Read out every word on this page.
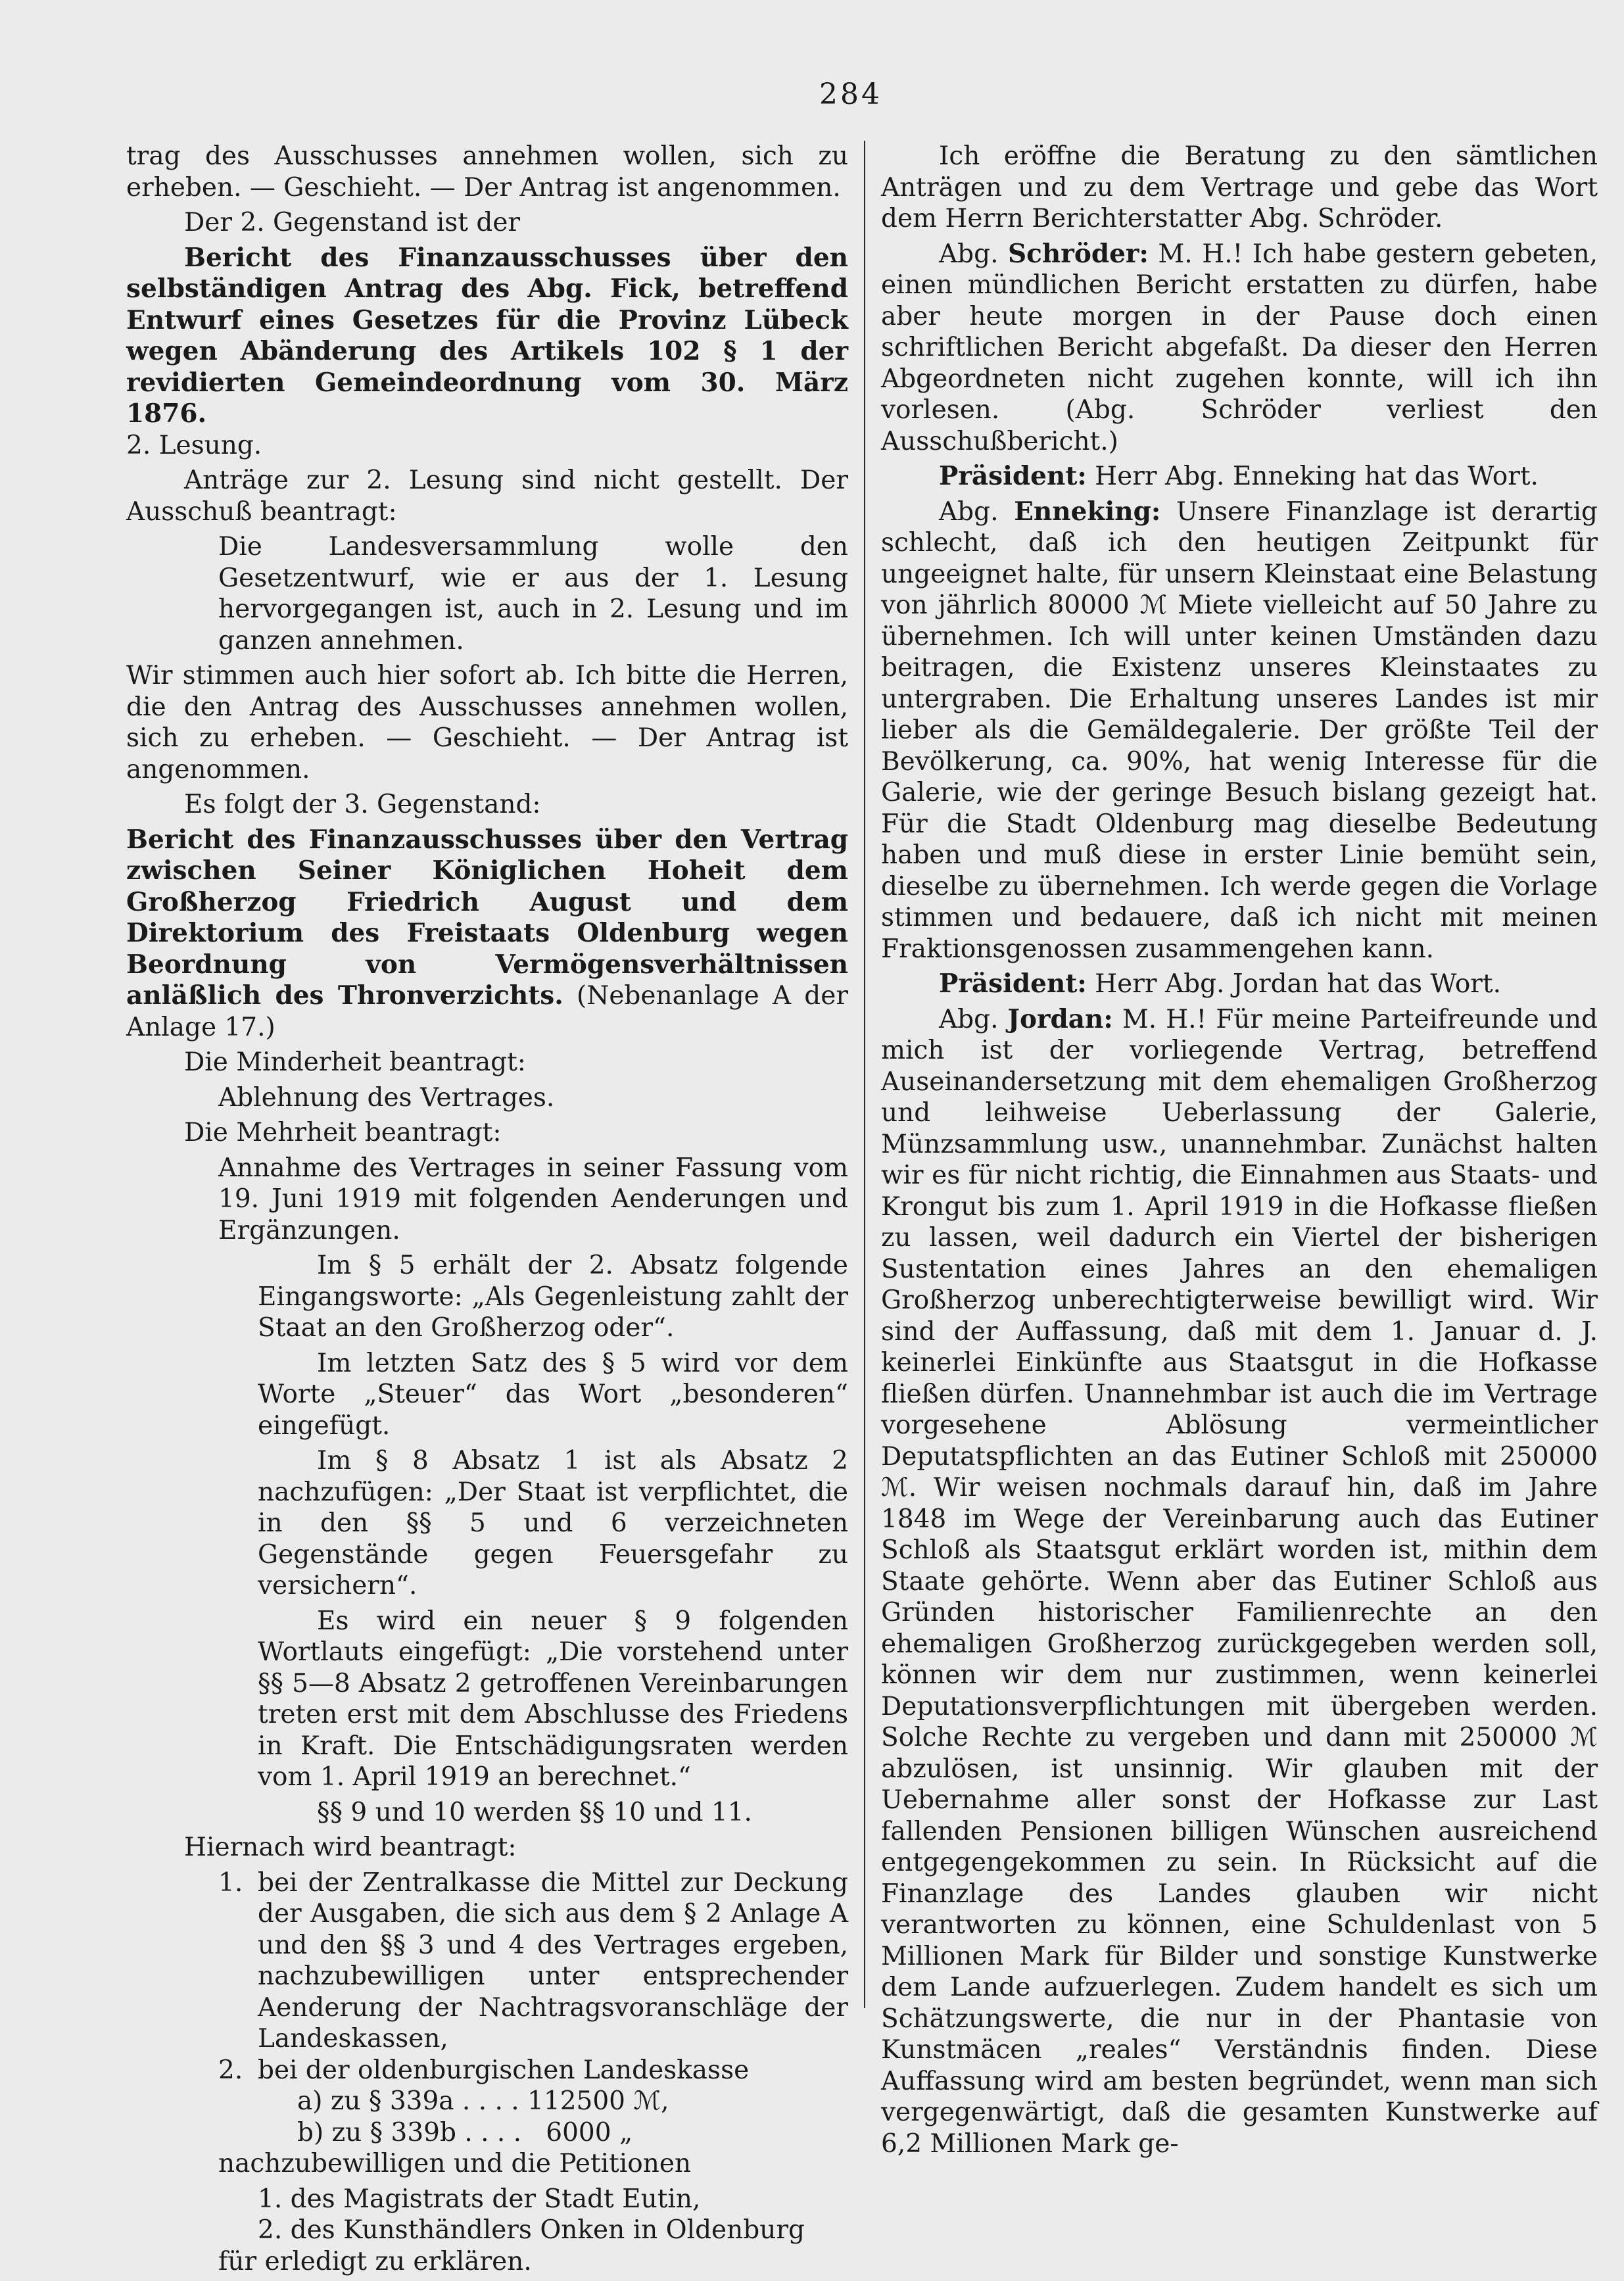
284

trag des Ausschusses annehmen wollen, sich zu erheben. — Geschieht. — Der Antrag ist angenommen.

Der 2. Gegenstand ist der

Bericht des Finanzausschusses über den selbständigen Antrag des Abg. Fick, betreffend Entwurf eines Gesetzes für die Provinz Lübeck wegen Abänderung des Artikels 102 § 1 der revidierten Gemeindeordnung vom 30. März 1876.
2. Lesung.

Anträge zur 2. Lesung sind nicht gestellt. Der Ausschuß beantragt:

Die Landesversammlung wolle den Gesetzentwurf, wie er aus der 1. Lesung hervorgegangen ist, auch in 2. Lesung und im ganzen annehmen.

Wir stimmen auch hier sofort ab. Ich bitte die Herren, die den Antrag des Ausschusses annehmen wollen, sich zu erheben. — Geschieht. — Der Antrag ist angenommen.

Es folgt der 3. Gegenstand:

Bericht des Finanzausschusses über den Vertrag zwischen Seiner Königlichen Hoheit dem Großherzog Friedrich August und dem Direktorium des Freistaats Oldenburg wegen Beordnung von Vermögensverhältnissen anläßlich des Thronverzichts. (Nebenanlage A der Anlage 17.)

Die Minderheit beantragt:

Ablehnung des Vertrages.

Die Mehrheit beantragt:

Annahme des Vertrages in seiner Fassung vom 19. Juni 1919 mit folgenden Aenderungen und Ergänzungen.

Im § 5 erhält der 2. Absatz folgende Eingangsworte: „Als Gegenleistung zahlt der Staat an den Großherzog oder“.

Im letzten Satz des § 5 wird vor dem Worte „Steuer“ das Wort „besonderen“ eingefügt.

Im § 8 Absatz 1 ist als Absatz 2 nachzufügen: „Der Staat ist verpflichtet, die in den §§ 5 und 6 verzeichneten Gegenstände gegen Feuersgefahr zu versichern“.

Es wird ein neuer § 9 folgenden Wortlauts eingefügt: „Die vorstehend unter §§ 5—8 Absatz 2 getroffenen Vereinbarungen treten erst mit dem Abschlusse des Friedens in Kraft. Die Entschädigungsraten werden vom 1. April 1919 an berechnet.“

§§ 9 und 10 werden §§ 10 und 11.

Hiernach wird beantragt:

1. bei der Zentralkasse die Mittel zur Deckung der Ausgaben, die sich aus dem § 2 Anlage A und den §§ 3 und 4 des Vertrages ergeben, nachzubewilligen unter entsprechender Aenderung der Nachtragsvoranschläge der Landeskassen,
2. bei der oldenburgischen Landeskasse
a) zu § 339a . . . . 112500 ℳ,
b) zu § 339b . . . .   6000 „

nachzubewilligen und die Petitionen

1. des Magistrats der Stadt Eutin,
2. des Kunsthändlers Onken in Oldenburg

für erledigt zu erklären.

Ich eröffne die Beratung zu den sämtlichen Anträgen und zu dem Vertrage und gebe das Wort dem Herrn Berichterstatter Abg. Schröder.

Abg. Schröder: M. H.! Ich habe gestern gebeten, einen mündlichen Bericht erstatten zu dürfen, habe aber heute morgen in der Pause doch einen schriftlichen Bericht abgefaßt. Da dieser den Herren Abgeordneten nicht zugehen konnte, will ich ihn vorlesen. (Abg. Schröder verliest den Ausschußbericht.)

Präsident: Herr Abg. Enneking hat das Wort.

Abg. Enneking: Unsere Finanzlage ist derartig schlecht, daß ich den heutigen Zeitpunkt für ungeeignet halte, für unsern Kleinstaat eine Belastung von jährlich 80000 ℳ Miete vielleicht auf 50 Jahre zu übernehmen. Ich will unter keinen Umständen dazu beitragen, die Existenz unseres Kleinstaates zu untergraben. Die Erhaltung unseres Landes ist mir lieber als die Gemäldegalerie. Der größte Teil der Bevölkerung, ca. 90%, hat wenig Interesse für die Galerie, wie der geringe Besuch bislang gezeigt hat. Für die Stadt Oldenburg mag dieselbe Bedeutung haben und muß diese in erster Linie bemüht sein, dieselbe zu übernehmen. Ich werde gegen die Vorlage stimmen und bedauere, daß ich nicht mit meinen Fraktionsgenossen zusammengehen kann.

Präsident: Herr Abg. Jordan hat das Wort.

Abg. Jordan: M. H.! Für meine Parteifreunde und mich ist der vorliegende Vertrag, betreffend Auseinandersetzung mit dem ehemaligen Großherzog und leihweise Ueberlassung der Galerie, Münzsammlung usw., unannehmbar. Zunächst halten wir es für nicht richtig, die Einnahmen aus Staats- und Krongut bis zum 1. April 1919 in die Hofkasse fließen zu lassen, weil dadurch ein Viertel der bisherigen Sustentation eines Jahres an den ehemaligen Großherzog unberechtigterweise bewilligt wird. Wir sind der Auffassung, daß mit dem 1. Januar d. J. keinerlei Einkünfte aus Staatsgut in die Hofkasse fließen dürfen. Unannehmbar ist auch die im Vertrage vorgesehene Ablösung vermeintlicher Deputatspflichten an das Eutiner Schloß mit 250000 ℳ. Wir weisen nochmals darauf hin, daß im Jahre 1848 im Wege der Vereinbarung auch das Eutiner Schloß als Staatsgut erklärt worden ist, mithin dem Staate gehörte. Wenn aber das Eutiner Schloß aus Gründen historischer Familienrechte an den ehemaligen Großherzog zurückgegeben werden soll, können wir dem nur zustimmen, wenn keinerlei Deputationsverpflichtungen mit übergeben werden. Solche Rechte zu vergeben und dann mit 250000 ℳ abzulösen, ist unsinnig. Wir glauben mit der Uebernahme aller sonst der Hofkasse zur Last fallenden Pensionen billigen Wünschen ausreichend entgegengekommen zu sein. In Rücksicht auf die Finanzlage des Landes glauben wir nicht verantworten zu können, eine Schuldenlast von 5 Millionen Mark für Bilder und sonstige Kunstwerke dem Lande aufzuerlegen. Zudem handelt es sich um Schätzungswerte, die nur in der Phantasie von Kunstmäcen „reales“ Verständnis finden. Diese Auffassung wird am besten begründet, wenn man sich vergegenwärtigt, daß die gesamten Kunstwerke auf 6,2 Millionen Mark ge-
